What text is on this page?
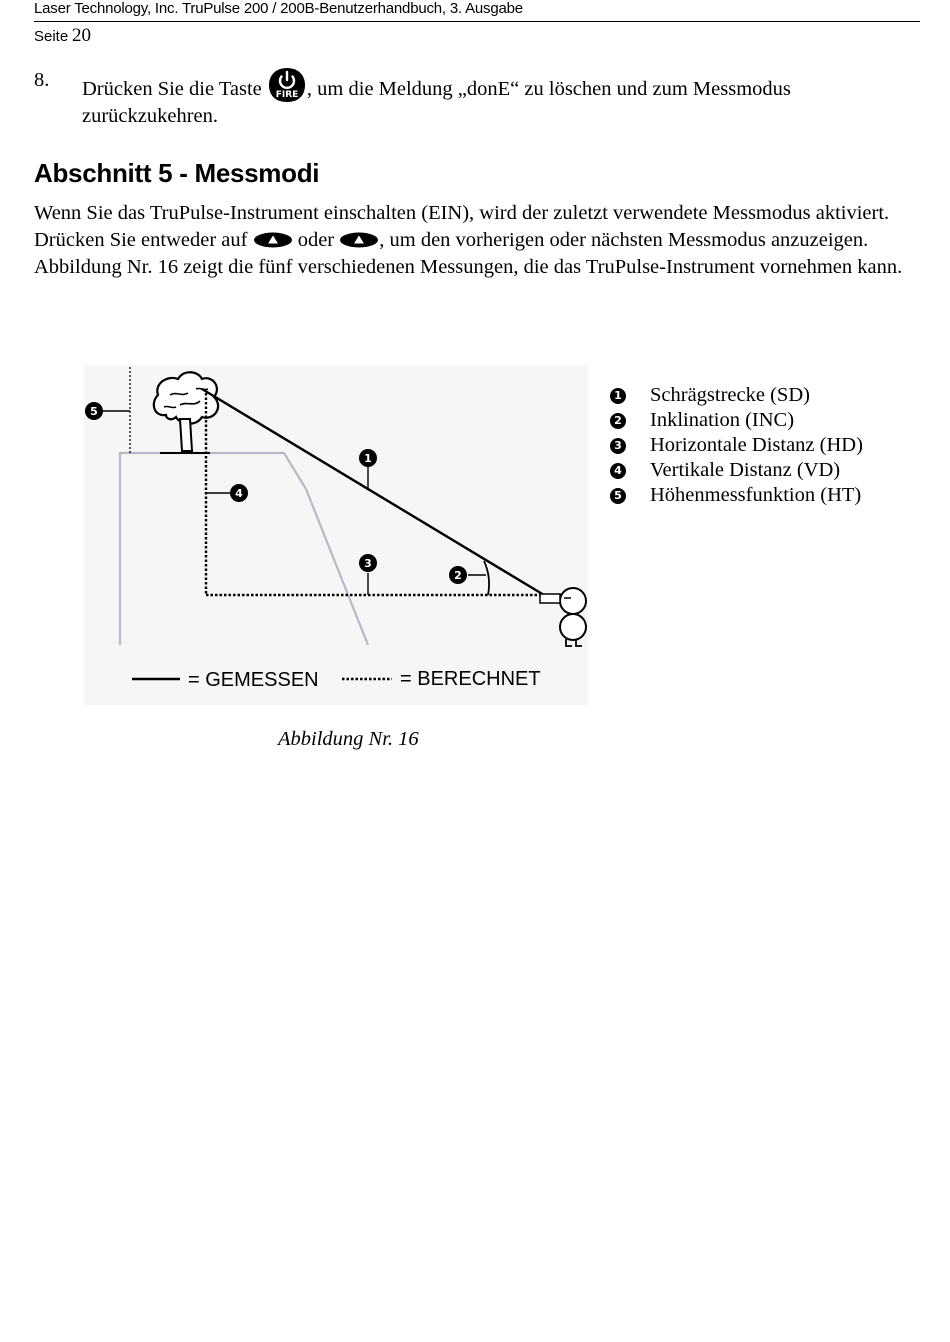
Laser Technology, Inc. TruPulse 200 / 200B-Benutzerhandbuch, 3. Ausgabe
Seite 20
8. Drücken Sie die Taste FIRE , um die Meldung „donE“ zu löschen und zum Messmodus zurückzukehren.
Abschnitt 5 - Messmodi
Wenn Sie das TruPulse-Instrument einschalten (EIN), wird der zuletzt verwendete Messmodus aktiviert. Drücken Sie entweder auf oder , um den vorherigen oder nächsten Messmodus anzuzeigen. Abbildung Nr. 16 zeigt die fünf verschiedenen Messungen, die das TruPulse-Instrument vornehmen kann.
5
4
1
3
2
= GEMESSEN	= BERECHNET
1 Schrägstrecke (SD)
2 Inklination (INC)
3 Horizontale Distanz (HD)
4 Vertikale Distanz (VD)
5 Höhenmessfunktion (HT)
Abbildung Nr. 16
